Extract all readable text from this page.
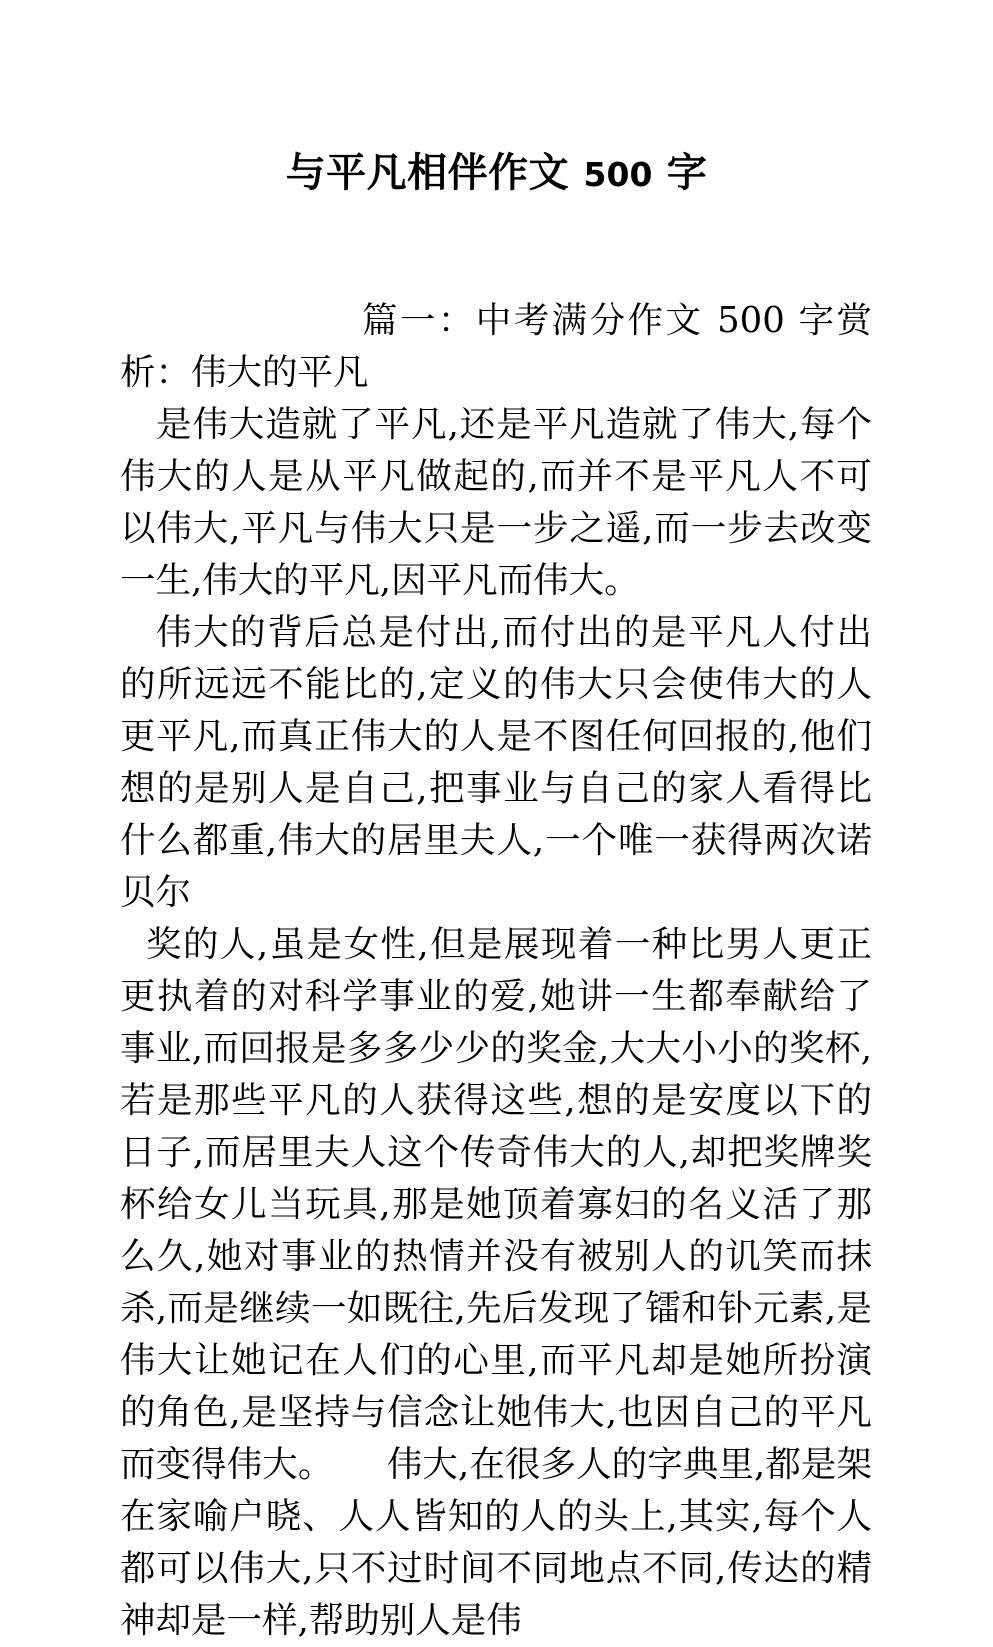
与平凡相伴作文 500 字

篇一：中考满分作文 500 字赏析：伟大的平凡

是伟大造就了平凡,还是平凡造就了伟大,每个伟大的人是从平凡做起的,而并不是平凡人不可以伟大,平凡与伟大只是一步之遥,而一步去改变一生,伟大的平凡,因平凡而伟大。

伟大的背后总是付出,而付出的是平凡人付出的所远远不能比的,定义的伟大只会使伟大的人更平凡,而真正伟大的人是不图任何回报的,他们想的是别人是自己,把事业与自己的家人看得比什么都重,伟大的居里夫人,一个唯一获得两次诺贝尔

奖的人,虽是女性,但是展现着一种比男人更正更执着的对科学事业的爱,她讲一生都奉献给了事业,而回报是多多少少的奖金,大大小小的奖杯,若是那些平凡的人获得这些,想的是安度以下的日子,而居里夫人这个传奇伟大的人,却把奖牌奖杯给女儿当玩具,那是她顶着寡妇的名义活了那么久,她对事业的热情并没有被别人的讥笑而抹杀,而是继续一如既往,先后发现了镭和钋元素,是伟大让她记在人们的心里,而平凡却是她所扮演的角色,是坚持与信念让她伟大,也因自己的平凡而变得伟大。　　伟大,在很多人的字典里,都是架在家喻户晓、人人皆知的人的头上,其实,每个人都可以伟大,只不过时间不同地点不同,传达的精神却是一样,帮助别人是伟
